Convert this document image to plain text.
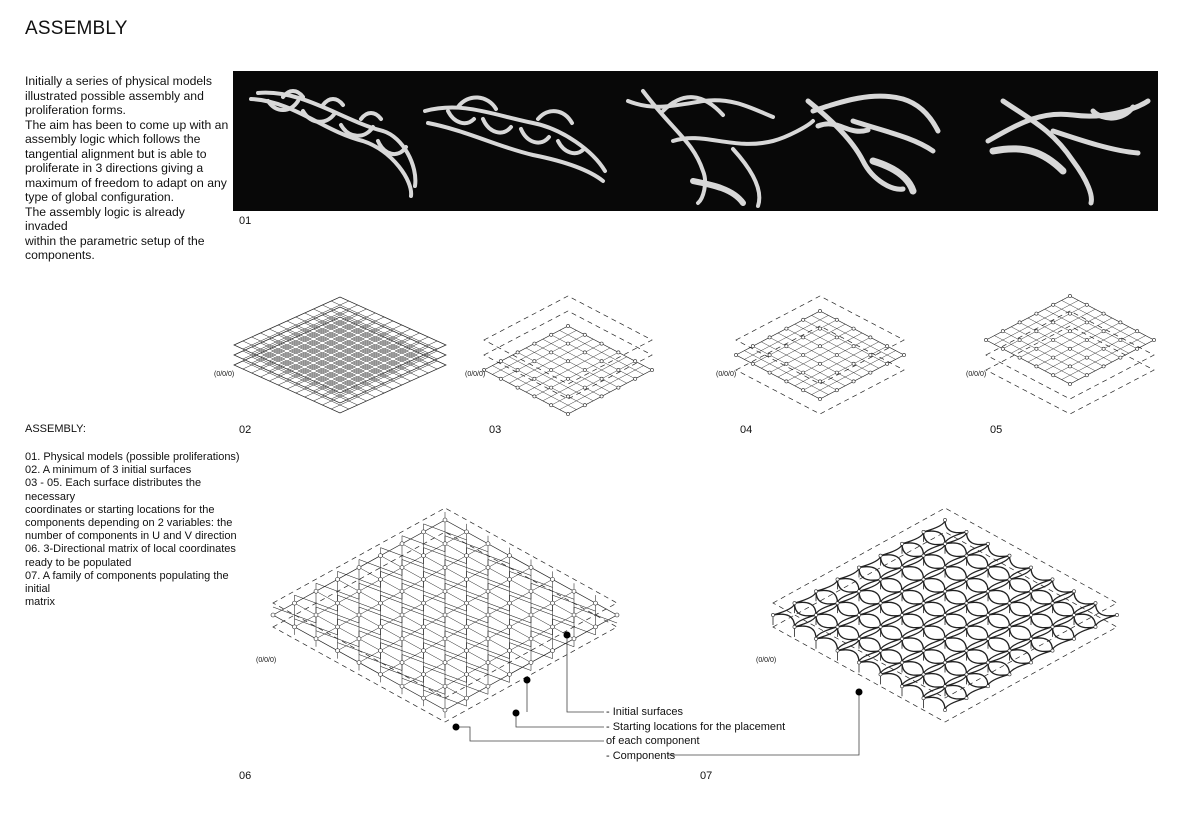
ASSEMBLY
Initially a series of physical models
illustrated possible assembly and
proliferation forms.
The aim has been to come up with an
assembly logic which follows the
tangential alignment but is able to
proliferate in 3 directions giving a
maximum of freedom to adapt on any
type of global configuration.
The assembly logic is already invaded
within the parametric setup of the
components.
01
(0/0/0)	(0/0/0)	(0/0/0)	(0/0/0)
(0/0/0)	(0/0/0)
02	03	04	05
06	07
ASSEMBLY:
01. Physical models (possible proliferations)
02. A minimum of 3 initial surfaces
03 - 05. Each surface distributes the necessary
coordinates or starting locations for the
components depending on 2 variables: the
number of components in U and V direction
06. 3-Directional matrix of local coordinates
ready to be populated
07. A family of components populating the initial
matrix
- Initial surfaces
- Starting locations for the placement
of each component
- Components
